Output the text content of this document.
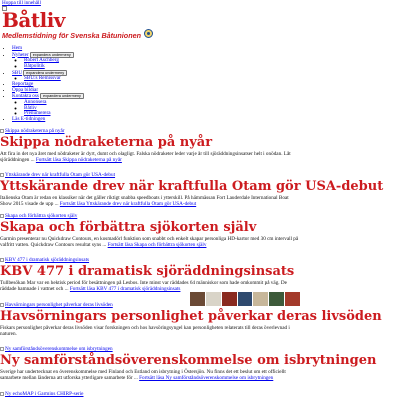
Hoppa till innehåll
Båtliv
Medlemstidning för Svenska Båtunionen
• Hem
• Nyheter expandera undermeny
◦ Robert Aschberg
◦ Båtpolitik
• SBU expandera undermeny
◦ SBU:s Remissvar
• Reportage
• Öppa bildiar
• Kontakta oss expandera undermeny
◦ Annonsera
◦ Båtliv
◦ Prenumerera
• Läs E-tidningen
Skippa nödraketerna på nyår
Skippa nödraketerna på nyår
Att fira in det nya året med nödraketer är dyrt, dumt och olagligt. Falska nödraketer leder varje år till sjöräddningsinsatser helt i onödan. Låt sjöräddningen ... Fortsätt läsa Skippa nödraketerna på nyår
Yttskärande drev när kraftfulla Otam gör USA-debut
Yttskärande drev när kraftfulla Otam gör USA-debut
Italienska Otam är redan en klassiker när det gäller riktigt snabba speedboats i ytterskill. På hämmässan Fort Lauderdale International Boat Show 2015 visade de upp ... Fortsätt läsa Yttskärande drev när kraftfulla Otam gör USA-debut
Skapa och förbättra sjökorten själv
Skapa och förbättra sjökorten själv
Garmin presenterar nu Quickdraw Contours, en kosmadörl funktion som snabbt och enkelt skapar personliga HD-kartor med 30 cm intervall på valfritt vatten. Quickdraw Contours resultat syns ... Fortsätt läsa Skapa och förbättra sjökorten själv
KBV 477 i dramatisk sjöräddningsinsats
KBV 477 i dramatisk sjöräddningsinsats
Tullbesökan Mar var en hektisk period för besättningen på Lesbos. Inte minst var räddades 64 människor som hade omkommit på väg. De räddade hamnade i vattnet och ... Fortsätt läsa KBV 477 i dramatisk sjöräddningsinsats
Havsörningars personlighet påverkar deras livsöden
Havsörningars personlighet påverkar deras livsöden
Fiskars personlighet påverkar deras livsöden visar forskningen och hos havsöringsyngel kan personligheten relaterats till deras överlevnad i naturen.
Ny samförståndsöverenskommelse om isbrytningen
Ny samförståndsöverenskommelse om isbrytningen
Sverige har undertecknat en överenskommelse med Finland och Estland om isbrytning i Östersjön. Nu finns det ett beslut om ett officiellt samarbete mellan länderna att utforska ytterligare samarbete för ... Fortsätt läsa Ny samförståndsöverenskommelse om isbrytningen
Ny echoMAP i Garmins CHIRP-serie
